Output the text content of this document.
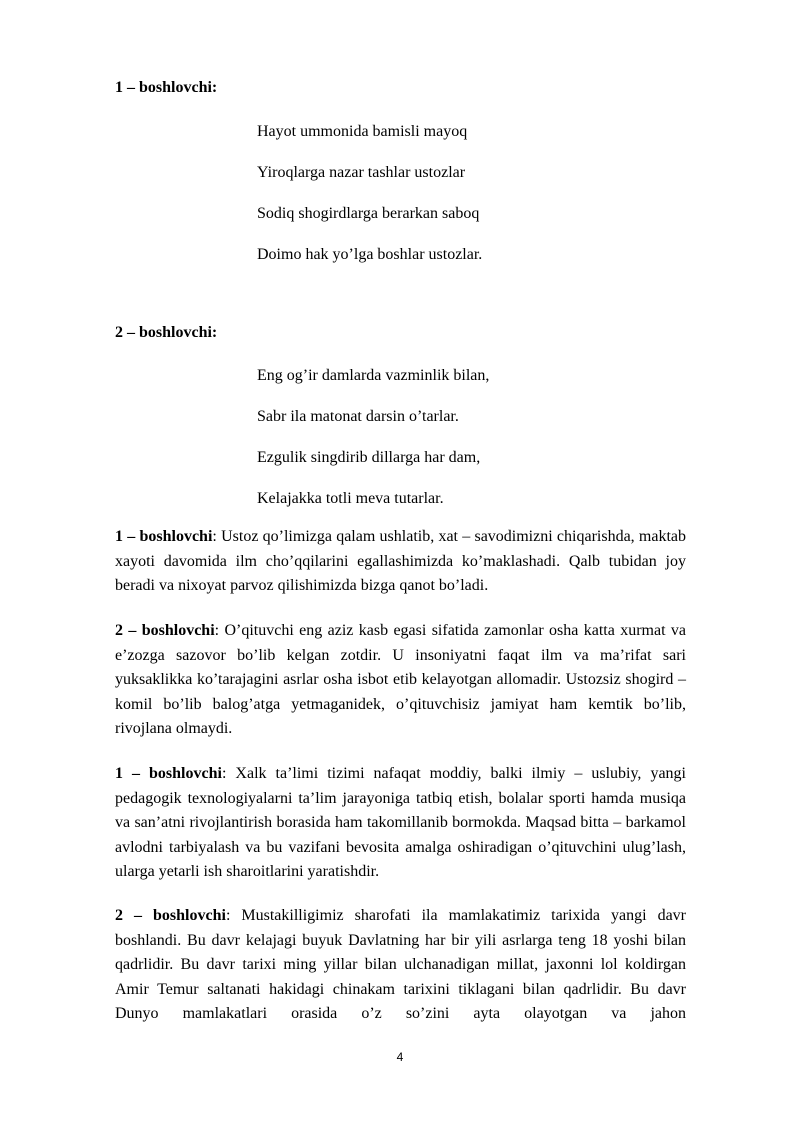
1 – boshlovchi:

Hayot ummonida bamisli mayoq
Yiroqlarga nazar tashlar ustozlar
Sodiq shogirdlarga berarkan saboq
Doimo hak yo’lga boshlar ustozlar.

2 – boshlovchi:

Eng og’ir damlarda vazminlik bilan,
Sabr ila matonat darsin o’tarlar.
Ezgulik singdirib dillarga har dam,
Kelajakka totli meva tutarlar.

1 – boshlovchi: Ustoz qo’limizga qalam ushlatib, xat – savodimizni chiqarishda, maktab xayoti davomida ilm cho’qqilarini egallashimizda ko’maklashadi. Qalb tubidan joy beradi va nixoyat parvoz qilishimizda bizga qanot bo’ladi.

2 – boshlovchi: O’qituvchi eng aziz kasb egasi sifatida zamonlar osha katta xurmat va e’zozga sazovor bo’lib kelgan zotdir. U insoniyatni faqat ilm va ma’rifat sari yuksaklikka ko’tarajagini asrlar osha isbot etib kelayotgan allomadir. Ustozsiz shogird – komil bo’lib balog’atga yetmaganidek, o’qituvchisiz jamiyat ham kemtik bo’lib, rivojlana olmaydi.

1 – boshlovchi: Xalk ta’limi tizimi nafaqat moddiy, balki ilmiy – uslubiy, yangi pedagogik texnologiyalarni ta’lim jarayoniga tatbiq etish, bolalar sporti hamda musiqa va san’atni rivojlantirish borasida ham takomillanib bormokda. Maqsad bitta – barkamol avlodni tarbiyalash va bu vazifani bevosita amalga oshiradigan o’qituvchini ulug’lash, ularga yetarli ish sharoitlarini yaratishdir.

2 – boshlovchi: Mustakilligimiz sharofati ila mamlakatimiz tarixida yangi davr boshlandi. Bu davr kelajagi buyuk Davlatning har bir yili asrlarga teng 18 yoshi bilan qadrlidir. Bu davr tarixi ming yillar bilan ulchanadigan millat, jaxonni lol koldirgan Amir Temur saltanati hakidagi chinakam tarixini tiklagani bilan qadrlidir. Bu davr Dunyo mamlakatlari orasida o’z so’zini ayta olayotgan va jahon

4
